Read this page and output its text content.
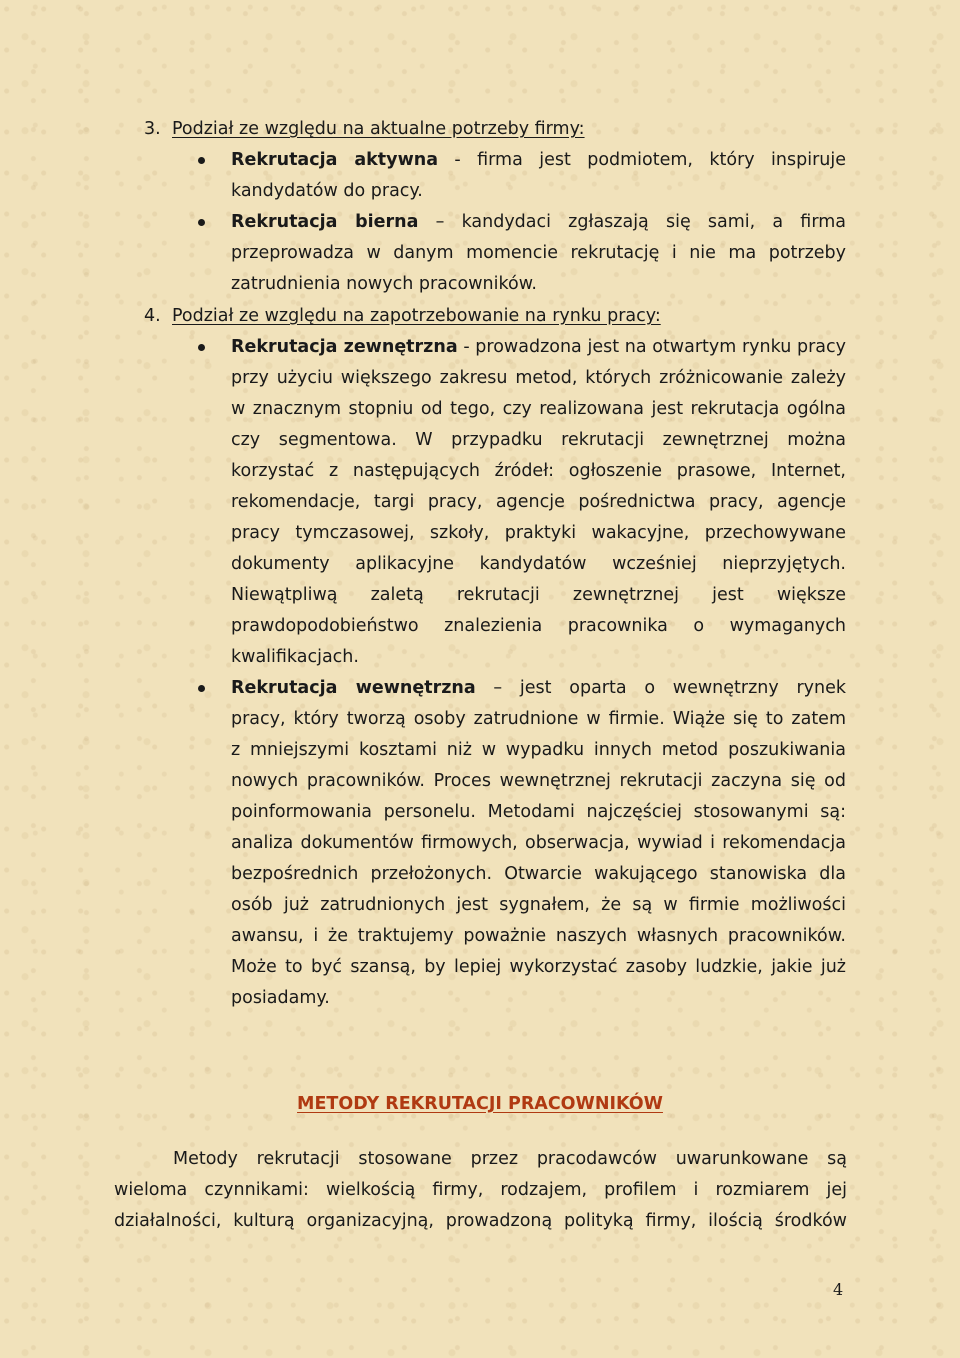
3. Podział ze względu na aktualne potrzeby firmy:
Rekrutacja aktywna - firma jest podmiotem, który inspiruje
kandydatów do pracy.
Rekrutacja bierna – kandydaci zgłaszają się sami, a firma
przeprowadza w danym momencie rekrutację i nie ma potrzeby
zatrudnienia nowych pracowników.
4. Podział ze względu na zapotrzebowanie na rynku pracy:
Rekrutacja zewnętrzna - prowadzona jest na otwartym rynku pracy
przy użyciu większego zakresu metod, których zróżnicowanie zależy
w znacznym stopniu od tego, czy realizowana jest rekrutacja ogólna
czy segmentowa. W przypadku rekrutacji zewnętrznej można
korzystać z następujących źródeł: ogłoszenie prasowe, Internet,
rekomendacje, targi pracy, agencje pośrednictwa pracy, agencje
pracy tymczasowej, szkoły, praktyki wakacyjne, przechowywane
dokumenty aplikacyjne kandydatów wcześniej nieprzyjętych.
Niewątpliwą zaletą rekrutacji zewnętrznej jest większe
prawdopodobieństwo znalezienia pracownika o wymaganych
kwalifikacjach.
Rekrutacja wewnętrzna – jest oparta o wewnętrzny rynek
pracy, który tworzą osoby zatrudnione w firmie. Wiąże się to zatem
z mniejszymi kosztami niż w wypadku innych metod poszukiwania
nowych pracowników. Proces wewnętrznej rekrutacji zaczyna się od
poinformowania personelu. Metodami najczęściej stosowanymi są:
analiza dokumentów firmowych, obserwacja, wywiad i rekomendacja
bezpośrednich przełożonych. Otwarcie wakującego stanowiska dla
osób już zatrudnionych jest sygnałem, że są w firmie możliwości
awansu, i że traktujemy poważnie naszych własnych pracowników.
Może to być szansą, by lepiej wykorzystać zasoby ludzkie, jakie już
posiadamy.
METODY REKRUTACJI PRACOWNIKÓW
Metody rekrutacji stosowane przez pracodawców uwarunkowane są
wieloma czynnikami: wielkością firmy, rodzajem, profilem i rozmiarem jej
działalności, kulturą organizacyjną, prowadzoną polityką firmy, ilością środków
4
